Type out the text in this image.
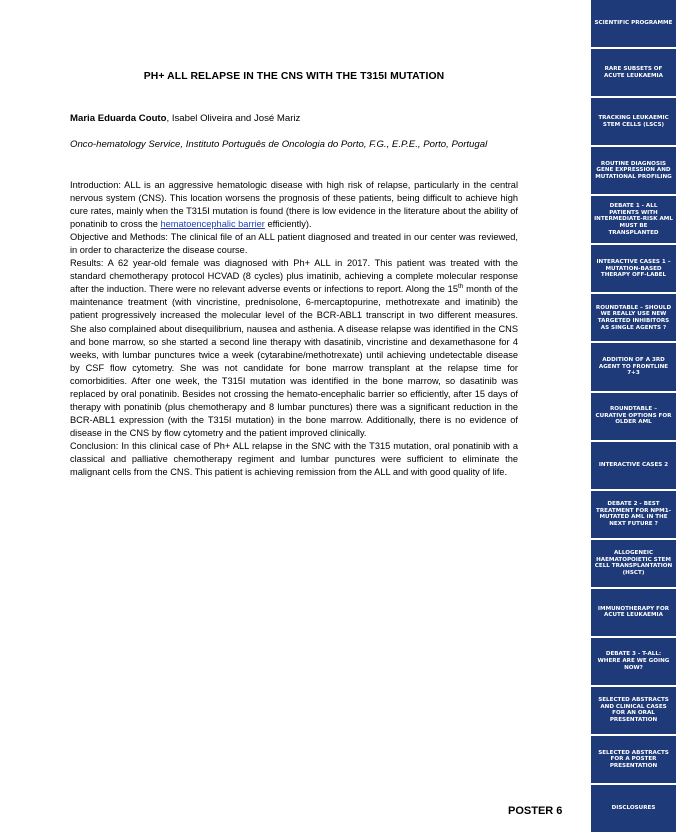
PH+ ALL RELAPSE IN THE CNS WITH THE T315I MUTATION
Maria Eduarda Couto, Isabel Oliveira and José Mariz
Onco-hematology Service, Instituto Português de Oncologia do Porto, F.G., E.P.E., Porto, Portugal

Introduction: ALL is an aggressive hematologic disease with high risk of relapse, particularly in the central nervous system (CNS). This location worsens the prognosis of these patients, being difficult to achieve high cure rates, mainly when the T315I mutation is found (there is low evidence in the literature about the ability of ponatinib to cross the hematoencephalic barrier efficiently).

Objective and Methods: The clinical file of an ALL patient diagnosed and treated in our center was reviewed, in order to characterize the disease course.

Results: A 62 year-old female was diagnosed with Ph+ ALL in 2017. This patient was treated with the standard chemotherapy protocol HCVAD (8 cycles) plus imatinib, achieving a complete molecular response after the induction. There were no relevant adverse events or infections to report. Along the 15th month of the maintenance treatment (with vincristine, prednisolone, 6-mercaptopurine, methotrexate and imatinib) the patient progressively increased the molecular level of the BCR-ABL1 transcript in two different measures. She also complained about disequilibrium, nausea and asthenia. A disease relapse was identified in the CNS and bone marrow, so she started a second line therapy with dasatinib, vincristine and dexamethasone for 4 weeks, with lumbar punctures twice a week (cytarabine/methotrexate) until achieving undetectable disease by CSF flow cytometry. She was not candidate for bone marrow transplant at the relapse time for comorbidities. After one week, the T315I mutation was identified in the bone marrow, so dasatinib was replaced by oral ponatinib. Besides not crossing the hemato-encephalic barrier so efficiently, after 15 days of therapy with ponatinib (plus chemotherapy and 8 lumbar punctures) there was a significant reduction in the BCR-ABL1 expression (with the T315I mutation) in the bone marrow. Additionally, there is no evidence of disease in the CNS by flow cytometry and the patient improved clinically.

Conclusion: In this clinical case of Ph+ ALL relapse in the SNC with the T315 mutation, oral ponatinib with a classical and palliative chemotherapy regiment and lumbar punctures were sufficient to eliminate the malignant cells from the CNS. This patient is achieving remission from the ALL and with good quality of life.

POSTER 6
SCIENTIFIC PROGRAMME
RARE SUBSETS OF ACUTE LEUKAEMIA
TRACKING LEUKAEMIC STEM CELLS (LSCS)
ROUTINE DIAGNOSIS GENE EXPRESSION AND MUTATIONAL PROFILING
DEBATE 1 - ALL PATIENTS WITH INTERMEDIATE-RISK AML MUST BE TRANSPLANTED
INTERACTIVE CASES 1 – MUTATION-BASED THERAPY OFF-LABEL
ROUNDTABLE – SHOULD WE REALLY USE NEW TARGETED INHIBITORS AS SINGLE AGENTS ?
ADDITION OF A 3RD AGENT TO FRONTLINE 7+3
ROUNDTABLE – CURATIVE OPTIONS FOR OLDER AML
INTERACTIVE CASES 2
DEBATE 2 - BEST TREATMENT FOR NPM1-MUTATED AML IN THE NEXT FUTURE ?
ALLOGENEIC HAEMATOPOIETIC STEM CELL TRANSPLANTATION (HSCT)
IMMUNOTHERAPY FOR ACUTE LEUKAEMIA
DEBATE 3 - T-ALL: WHERE ARE WE GOING NOW?
SELECTED ABSTRACTS AND CLINICAL CASES FOR AN ORAL PRESENTATION
SELECTED ABSTRACTS FOR A POSTER PRESENTATION
DISCLOSURES
